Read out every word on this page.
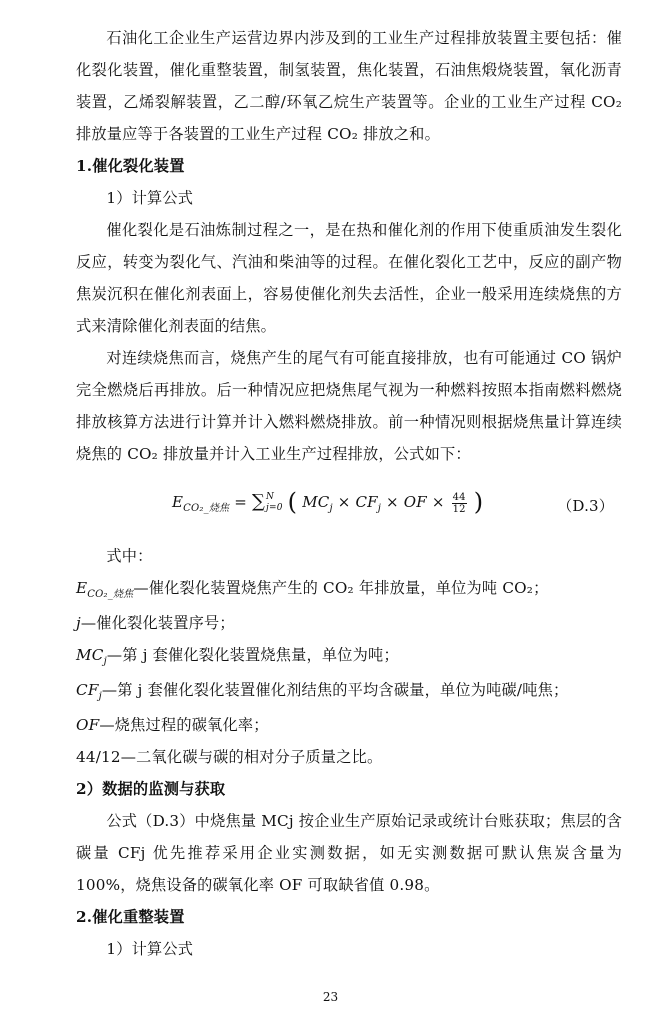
石油化工企业生产运营边界内涉及到的工业生产过程排放装置主要包括：催化裂化装置，催化重整装置，制氢装置，焦化装置，石油焦煅烧装置，氧化沥青装置，乙烯裂解装置，乙二醇/环氧乙烷生产装置等。企业的工业生产过程 CO₂ 排放量应等于各装置的工业生产过程 CO₂ 排放之和。

1.催化裂化装置

1）计算公式

催化裂化是石油炼制过程之一，是在热和催化剂的作用下使重质油发生裂化反应，转变为裂化气、汽油和柴油等的过程。在催化裂化工艺中，反应的副产物焦炭沉积在催化剂表面上，容易使催化剂失去活性，企业一般采用连续烧焦的方式来清除催化剂表面的结焦。

对连续烧焦而言，烧焦产生的尾气有可能直接排放，也有可能通过 CO 锅炉完全燃烧后再排放。后一种情况应把烧焦尾气视为一种燃料按照本指南燃料燃烧排放核算方法进行计算并计入燃料燃烧排放。前一种情况则根据烧焦量计算连续烧焦的 CO₂ 排放量并计入工业生产过程排放，公式如下：

$E_{CO_2\_烧焦}$ = ∑ N
j=0 ( $MC_j \times CF_j$ × OF × $\frac{44}{12}$ )	（D.3）

式中：

$E_{CO_2\_烧焦}—$催化裂化装置烧焦产生的 CO₂ 年排放量，单位为吨 CO₂；

j—催化裂化装置序号；

$MC_j—$第 j 套催化裂化装置烧焦量，单位为吨；

$CF_j—$第 j 套催化裂化装置催化剂结焦的平均含碳量，单位为吨碳/吨焦；

OF—烧焦过程的碳氧化率；

44/12—二氧化碳与碳的相对分子质量之比。

2）数据的监测与获取

公式（D.3）中烧焦量 MCj 按企业生产原始记录或统计台账获取；焦层的含碳量 CFj 优先推荐采用企业实测数据，如无实测数据可默认焦炭含量为 100%，烧焦设备的碳氧化率 OF 可取缺省值 0.98。

2.催化重整装置

1）计算公式

23
